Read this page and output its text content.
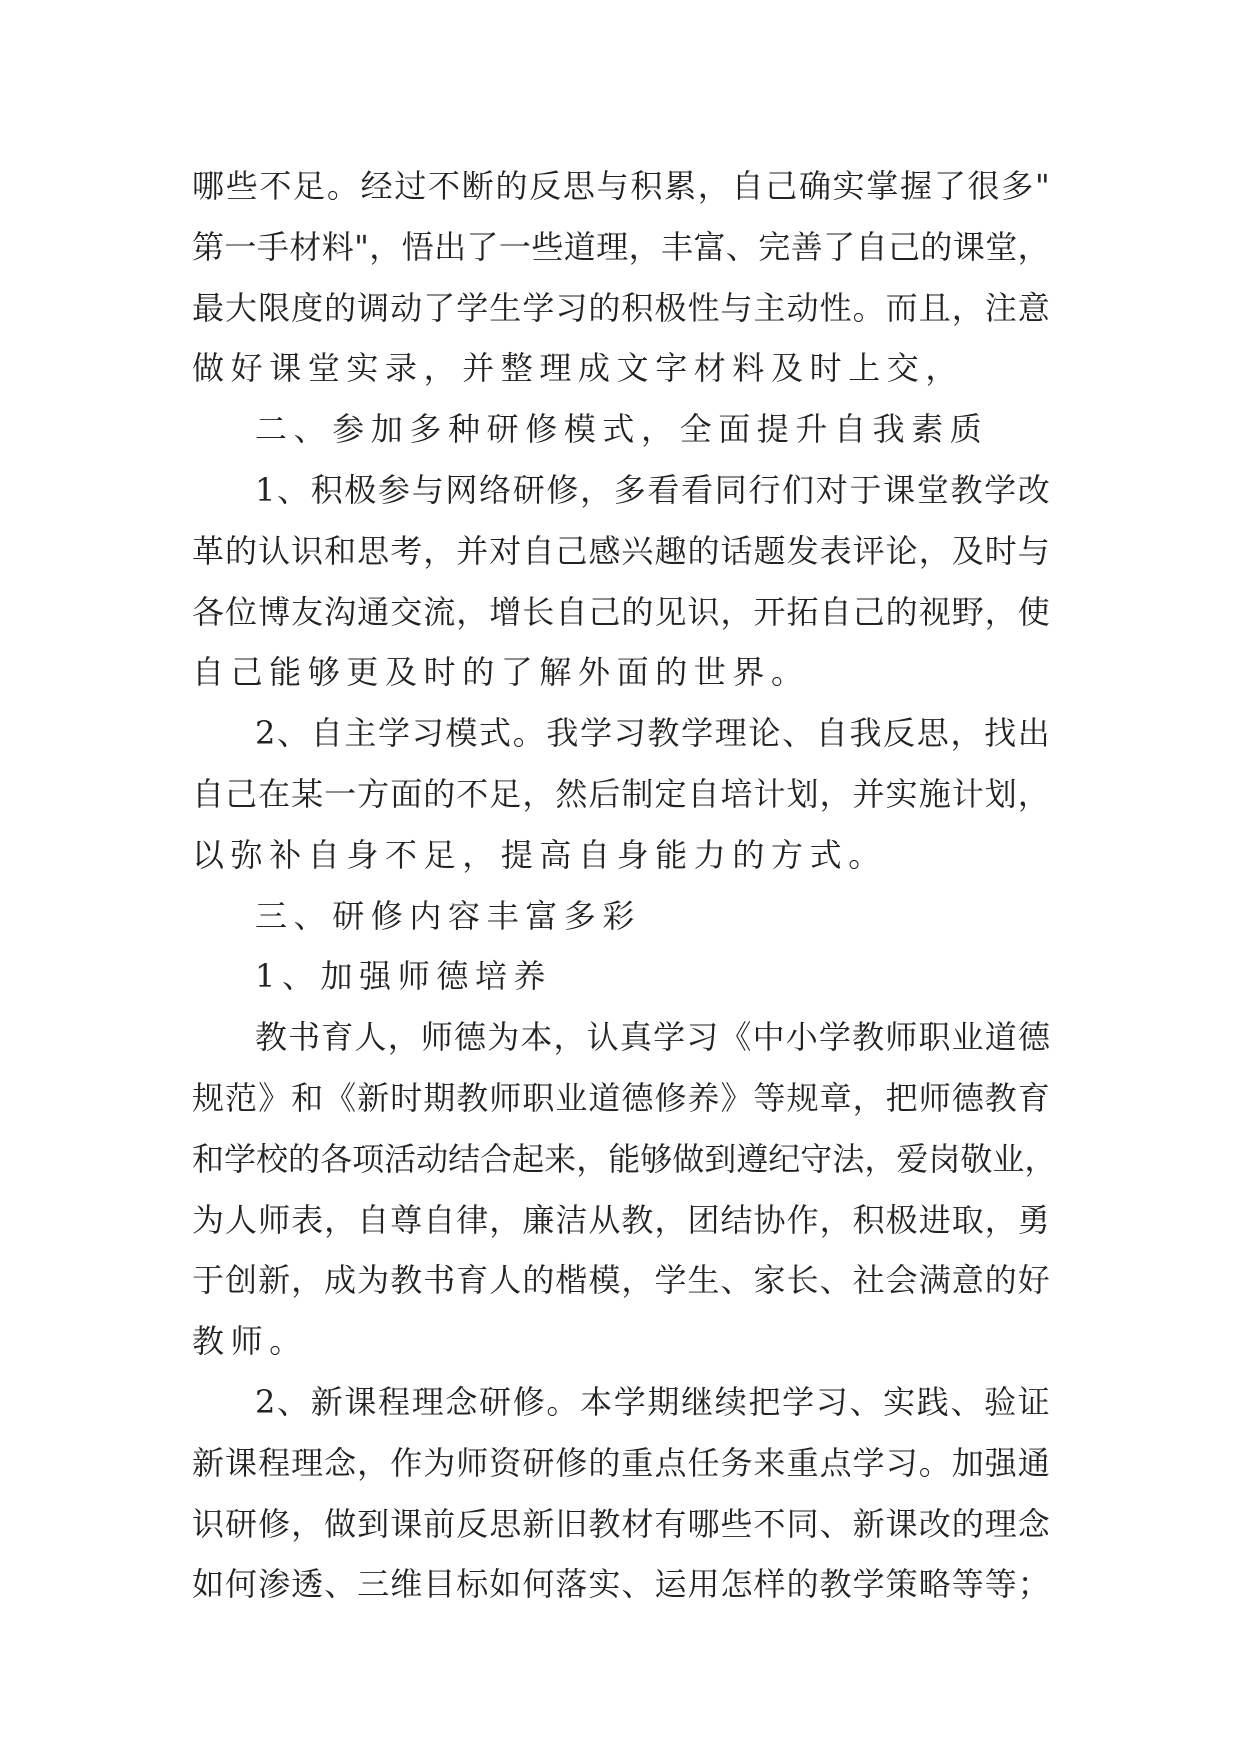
哪 些 不 足 。 经 过 不 断 的 反 思 与 积 累 ， 自 己 确 实 掌 握 了 很 多 "
第 一 手 材 料 " ， 悟 出 了 一 些 道 理 ， 丰 富 、 完 善 了 自 己 的 课 堂 ，
最 大 限 度 的 调 动 了 学 生 学 习 的 积 极 性 与 主 动 性 。 而 且 ， 注 意
做好课堂实录，并整理成文字材料及时上交，
二、参加多种研修模式，全面提升自我素质
1 、 积 极 参 与 网 络 研 修 ， 多 看 看 同 行 们 对 于 课 堂 教 学 改
革 的 认 识 和 思 考 ， 并 对 自 己 感 兴 趣 的 话 题 发 表 评 论 ， 及 时 与
各 位 博 友 沟 通 交 流 ， 增 长 自 己 的 见 识 ， 开 拓 自 己 的 视 野 ， 使
自己能够更及时的了解外面的世界。
2 、 自 主 学 习 模 式 。 我 学 习 教 学 理 论 、 自 我 反 思 ， 找 出
自 己 在 某 一 方 面 的 不 足 ， 然 后 制 定 自 培 计 划 ， 并 实 施 计 划 ，
以弥补自身不足，提高自身能力的方式。
三、研修内容丰富多彩
1、加强师德培养
教 书 育 人 ， 师 德 为 本 ， 认 真 学 习 《 中 小 学 教 师 职 业 道 德
规 范 》 和 《 新 时 期 教 师 职 业 道 德 修 养 》 等 规 章 ， 把 师 德 教 育
和 学 校 的 各 项 活 动 结 合 起 来 ， 能 够 做 到 遵 纪 守 法 ， 爱 岗 敬 业 ，
为 人 师 表 ， 自 尊 自 律 ， 廉 洁 从 教 ， 团 结 协 作 ， 积 极 进 取 ， 勇
于 创 新 ， 成 为 教 书 育 人 的 楷 模 ， 学 生 、 家 长 、 社 会 满 意 的 好
教师。
2 、 新 课 程 理 念 研 修 。 本 学 期 继 续 把 学 习 、 实 践 、 验 证
新 课 程 理 念 ， 作 为 师 资 研 修 的 重 点 任 务 来 重 点 学 习 。 加 强 通
识 研 修 ， 做 到 课 前 反 思 新 旧 教 材 有 哪 些 不 同 、 新 课 改 的 理 念
如 何 渗 透 、 三 维 目 标 如 何 落 实 、 运 用 怎 样 的 教 学 策 略 等 等 ；
